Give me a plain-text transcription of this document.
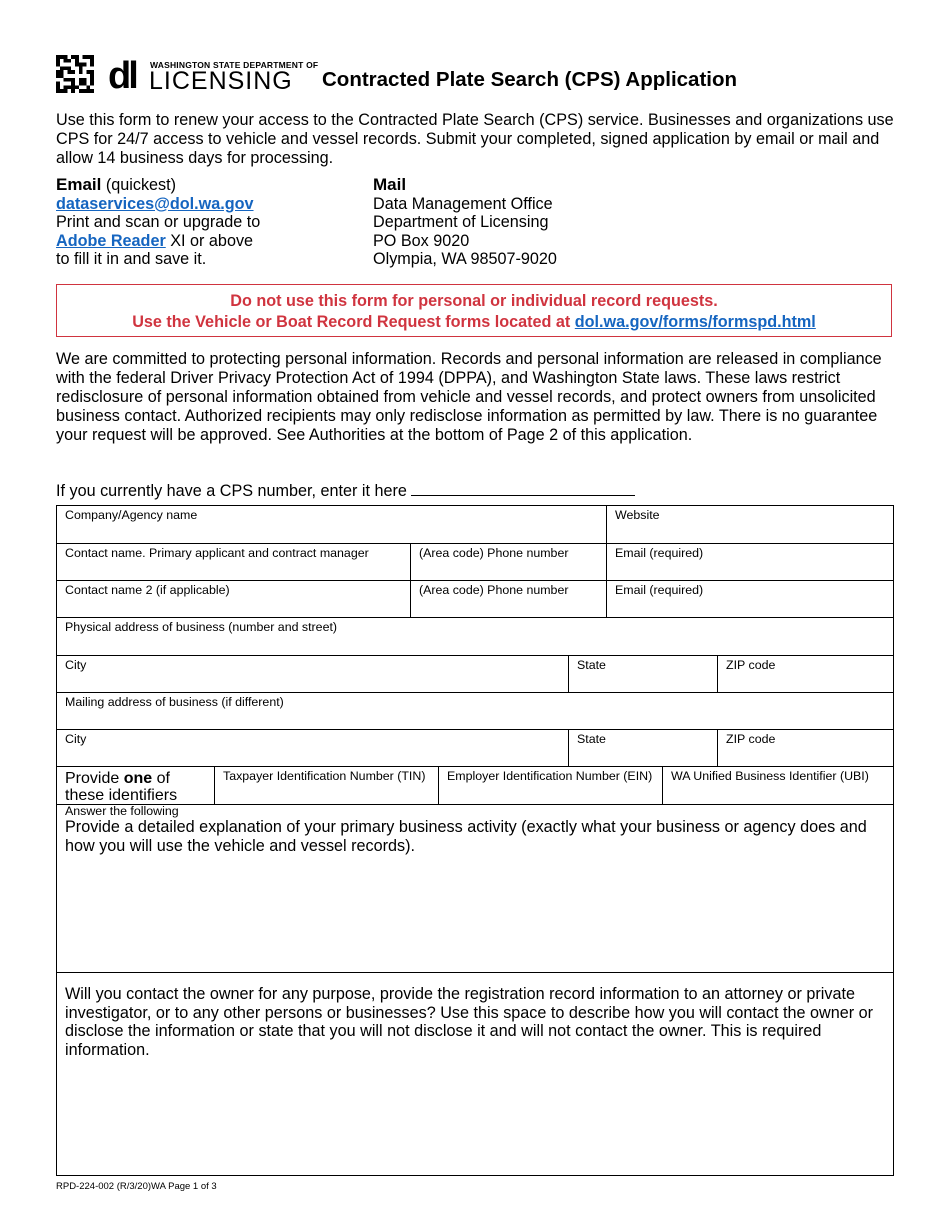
dl WASHINGTON STATE DEPARTMENT OF
LICENSING Contracted Plate Search (CPS) Application
Use this form to renew your access to the Contracted Plate Search (CPS) service. Businesses and organizations use CPS for 24/7 access to vehicle and vessel records. Submit your completed, signed application by email or mail and allow 14 business days for processing.
Email (quickest)
dataservices@dol.wa.gov
Print and scan or upgrade to
Adobe Reader XI or above
to fill it in and save it.
Mail
Data Management Office
Department of Licensing
PO Box 9020
Olympia, WA 98507-9020
Do not use this form for personal or individual record requests.
Use the Vehicle or Boat Record Request forms located at dol.wa.gov/forms/formspd.html
We are committed to protecting personal information. Records and personal information are released in compliance with the federal Driver Privacy Protection Act of 1994 (DPPA), and Washington State laws. These laws restrict redisclosure of personal information obtained from vehicle and vessel records, and protect owners from unsolicited business contact. Authorized recipients may only redisclose information as permitted by law. There is no guarantee your request will be approved. See Authorities at the bottom of Page 2 of this application.
If you currently have a CPS number, enter it here
Company/Agency name	Website
Contact name. Primary applicant and contract manager	(Area code) Phone number	Email (required)
Contact name 2 (if applicable)	(Area code) Phone number	Email (required)
Physical address of business (number and street)
City	State	ZIP code
Mailing address of business (if different)
City	State	ZIP code
Provide one of
these identifiers
Taxpayer Identification Number (TIN)	Employer Identification Number (EIN)	WA Unified Business Identifier (UBI)
Answer the following
Provide a detailed explanation of your primary business activity (exactly what your business or agency does and how you will use the vehicle and vessel records).
Will you contact the owner for any purpose, provide the registration record information to an attorney or private investigator, or to any other persons or businesses? Use this space to describe how you will contact the owner or disclose the information or state that you will not disclose it and will not contact the owner. This is required information.
RPD-224-002 (R/3/20)WA Page 1 of 3
